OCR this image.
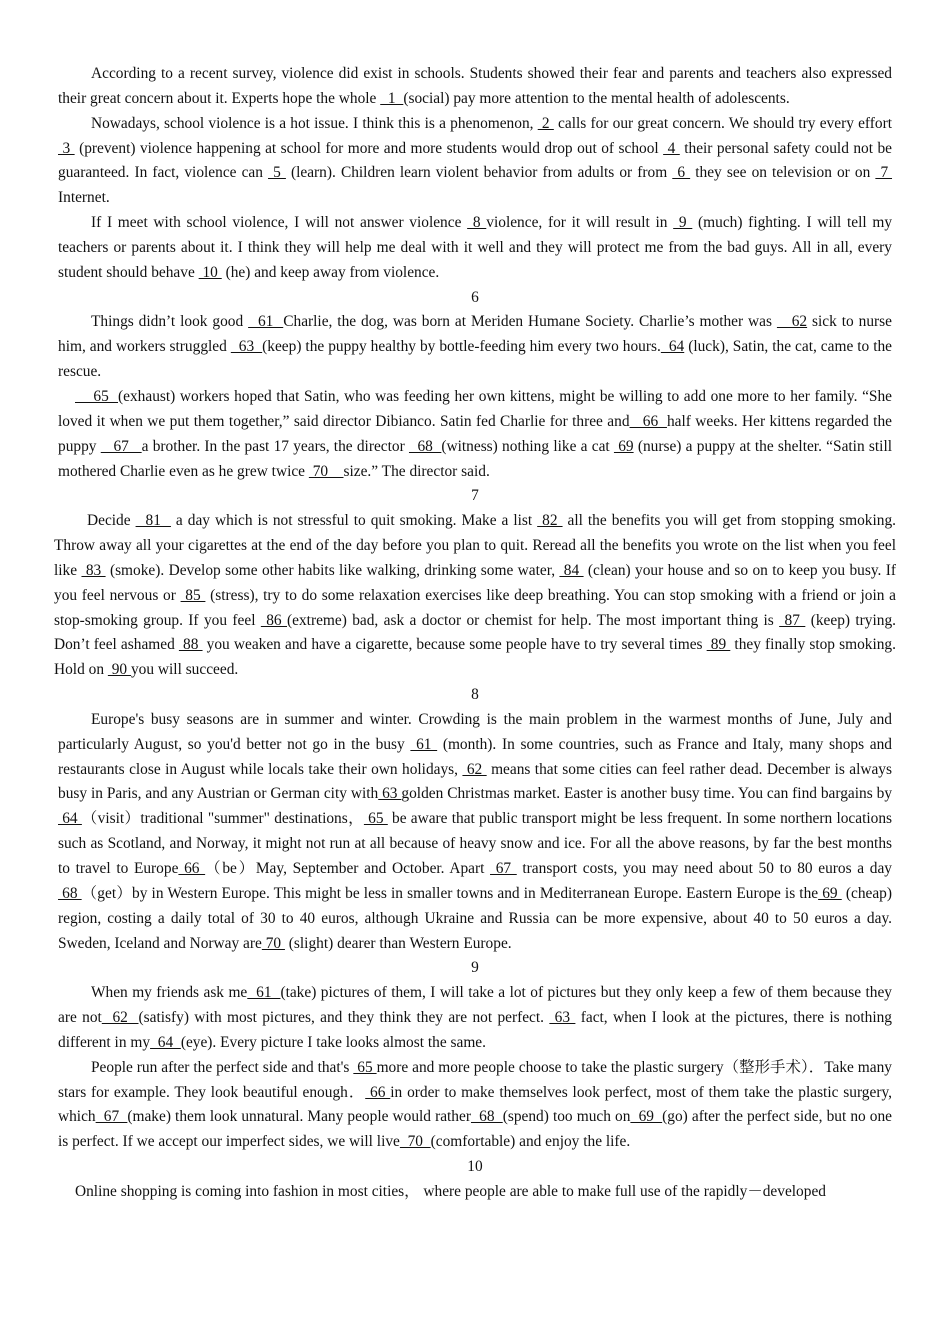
According to a recent survey, violence did exist in schools. Students showed their fear and parents and teachers also expressed their great concern about it. Experts hope the whole   1  (social) pay more attention to the mental health of adolescents.

Nowadays, school violence is a hot issue. I think this is a phenomenon,  2  calls for our great concern. We should try every effort  3  (prevent) violence happening at school for more and more students would drop out of school  4  their personal safety could not be guaranteed. In fact, violence can  5  (learn). Children learn violent behavior from adults or from  6  they see on television or on  7  Internet.

If I meet with school violence, I will not answer violence  8 violence, for it will result in  9  (much) fighting. I will tell my teachers or parents about it. I think they will help me deal with it well and they will protect me from the bad guys. All in all, every student should behave  10  (he) and keep away from violence.

6

Things didn’t look good   61  Charlie, the dog, was born at Meriden Humane Society. Charlie’s mother was    62 sick to nurse him, and workers struggled   63  (keep) the puppy healthy by bottle-feeding him every two hours.  64 (luck), Satin, the cat, came to the rescue.

65  (exhaust) workers hoped that Satin, who was feeding her own kittens, might be willing to add one more to her family. “She loved it when we put them together,” said director Dibianco. Satin fed Charlie for three and   66  half weeks. Her kittens regarded the puppy    67   a brother. In the past 17 years, the director   68  (witness) nothing like a cat  69 (nurse) a puppy at the shelter. “Satin still mothered Charlie even as he grew twice  70    size.” The director said.

7

Decide   81   a day which is not stressful to quit smoking. Make a list  82  all the benefits you will get from stopping smoking. Throw away all your cigarettes at the end of the day before you plan to quit. Reread all the benefits you wrote on the list when you feel like  83  (smoke). Develop some other habits like walking, drinking some water,  84  (clean) your house and so on to keep you busy. If you feel nervous or  85  (stress), try to do some relaxation exercises like deep breathing. You can stop smoking with a friend or join a stop-smoking group. If you feel  86 (extreme) bad, ask a doctor or chemist for help. The most important thing is  87  (keep) trying. Don’t feel ashamed  88  you weaken and have a cigarette, because some people have to try several times  89  they finally stop smoking. Hold on  90 you will succeed.

8

Europe's busy seasons are in summer and winter. Crowding is the main problem in the warmest months of June, July and particularly August, so you'd better not go in the busy  61  (month). In some countries, such as France and Italy, many shops and restaurants close in August while locals take their own holidays,  62  means that some cities can feel rather dead. December is always busy in Paris, and any Austrian or German city with 63 golden Christmas market. Easter is another busy time. You can find bargains by 64 （visit）traditional "summer" destinations， 65  be aware that public transport might be less frequent. In some northern locations such as Scotland, and Norway, it might not run at all because of heavy snow and ice. For all the above reasons, by far the best months to travel to Europe 66 （be）May, September and October. Apart  67  transport costs, you may need about 50 to 80 euros a day 68 （get）by in Western Europe. This might be less in smaller towns and in Mediterranean Europe. Eastern Europe is the 69  (cheap) region, costing a daily total of 30 to 40 euros, although Ukraine and Russia can be more expensive, about 40 to 50 euros a day. Sweden, Iceland and Norway are 70  (slight) dearer than Western Europe.

9

When my friends ask me  61  (take) pictures of them, I will take a lot of pictures but they only keep a few of them because they are not  62  (satisfy) with most pictures, and they think they are not perfect.  63  fact, when I look at the pictures, there is nothing different in my  64  (eye). Every picture I take looks almost the same.

People run after the perfect side and that's  65 more and more people choose to take the plastic surgery（整形手术）．Take many stars for example. They look beautiful enough． 66 in order to make themselves look perfect, most of them take the plastic surgery, which  67  (make) them look unnatural. Many people would rather  68  (spend) too much on  69  (go) after the perfect side, but no one is perfect. If we accept our imperfect sides, we will live  70  (comfortable) and enjoy the life.

10

Online shopping is coming into fashion in most cities， where people are able to make full use of the rapidly－developed
